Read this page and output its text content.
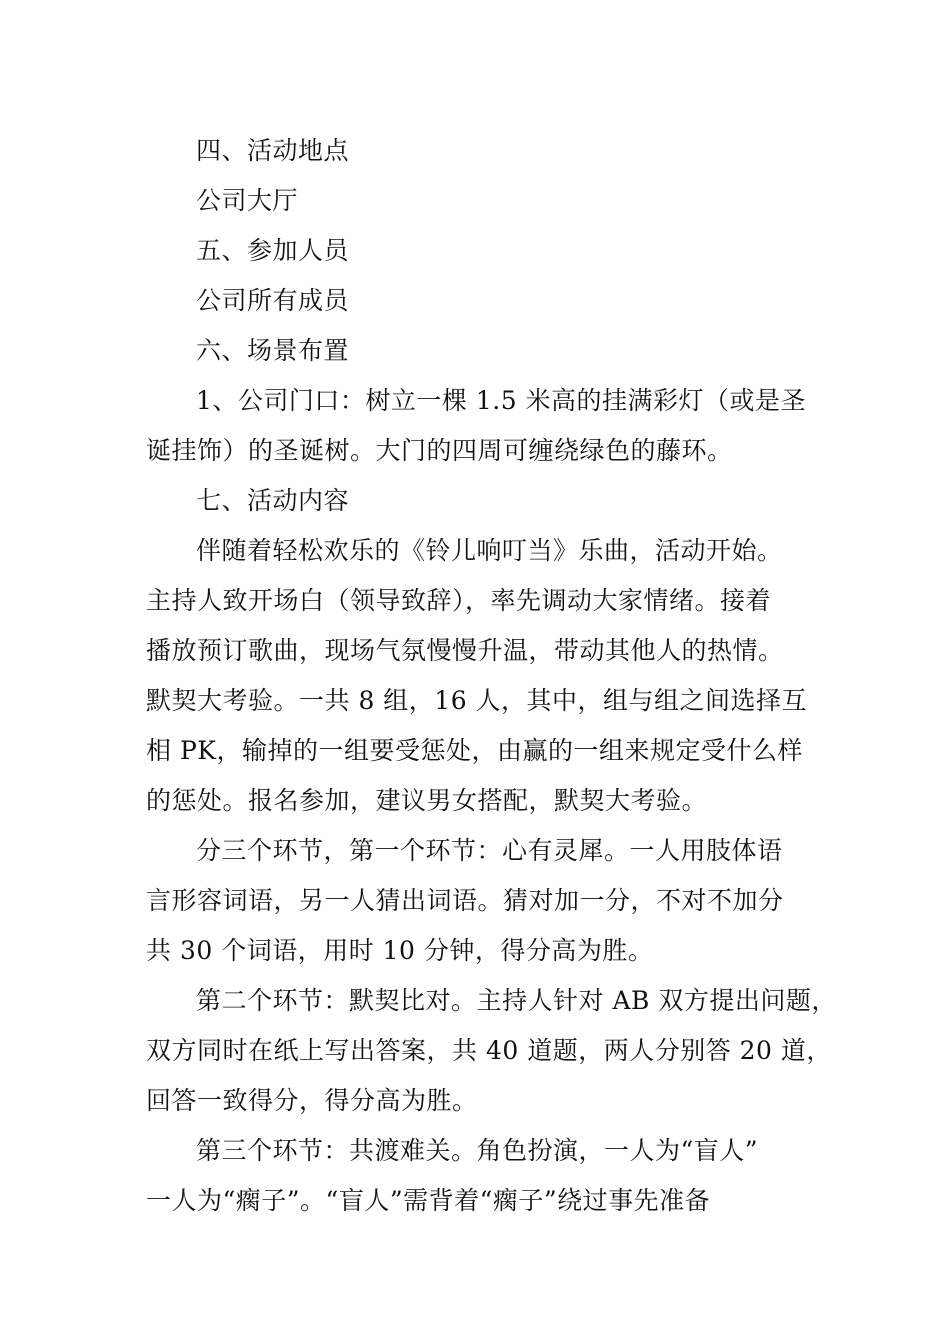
四、活动地点
公司大厅
五、参加人员
公司所有成员
六、场景布置
1、公司门口：树立一棵 1.5 米高的挂满彩灯（或是圣
诞挂饰）的圣诞树。大门的四周可缠绕绿色的藤环。
七、活动内容
伴随着轻松欢乐的《铃儿响叮当》乐曲，活动开始。
主持人致开场白（领导致辞），率先调动大家情绪。接着
播放预订歌曲，现场气氛慢慢升温，带动其他人的热情。
默契大考验。一共 8 组，16 人，其中，组与组之间选择互
相 PK，输掉的一组要受惩处，由赢的一组来规定受什么样
的惩处。报名参加，建议男女搭配，默契大考验。
分三个环节，第一个环节：心有灵犀。一人用肢体语
言形容词语，另一人猜出词语。猜对加一分，不对不加分
共 30 个词语，用时 10 分钟，得分高为胜。
第二个环节：默契比对。主持人针对 AB 双方提出问题，
双方同时在纸上写出答案，共 40 道题，两人分别答 20 道，
回答一致得分，得分高为胜。
第三个环节：共渡难关。角色扮演，一人为“盲人”
一人为“瘸子”。“盲人”需背着“瘸子”绕过事先准备
